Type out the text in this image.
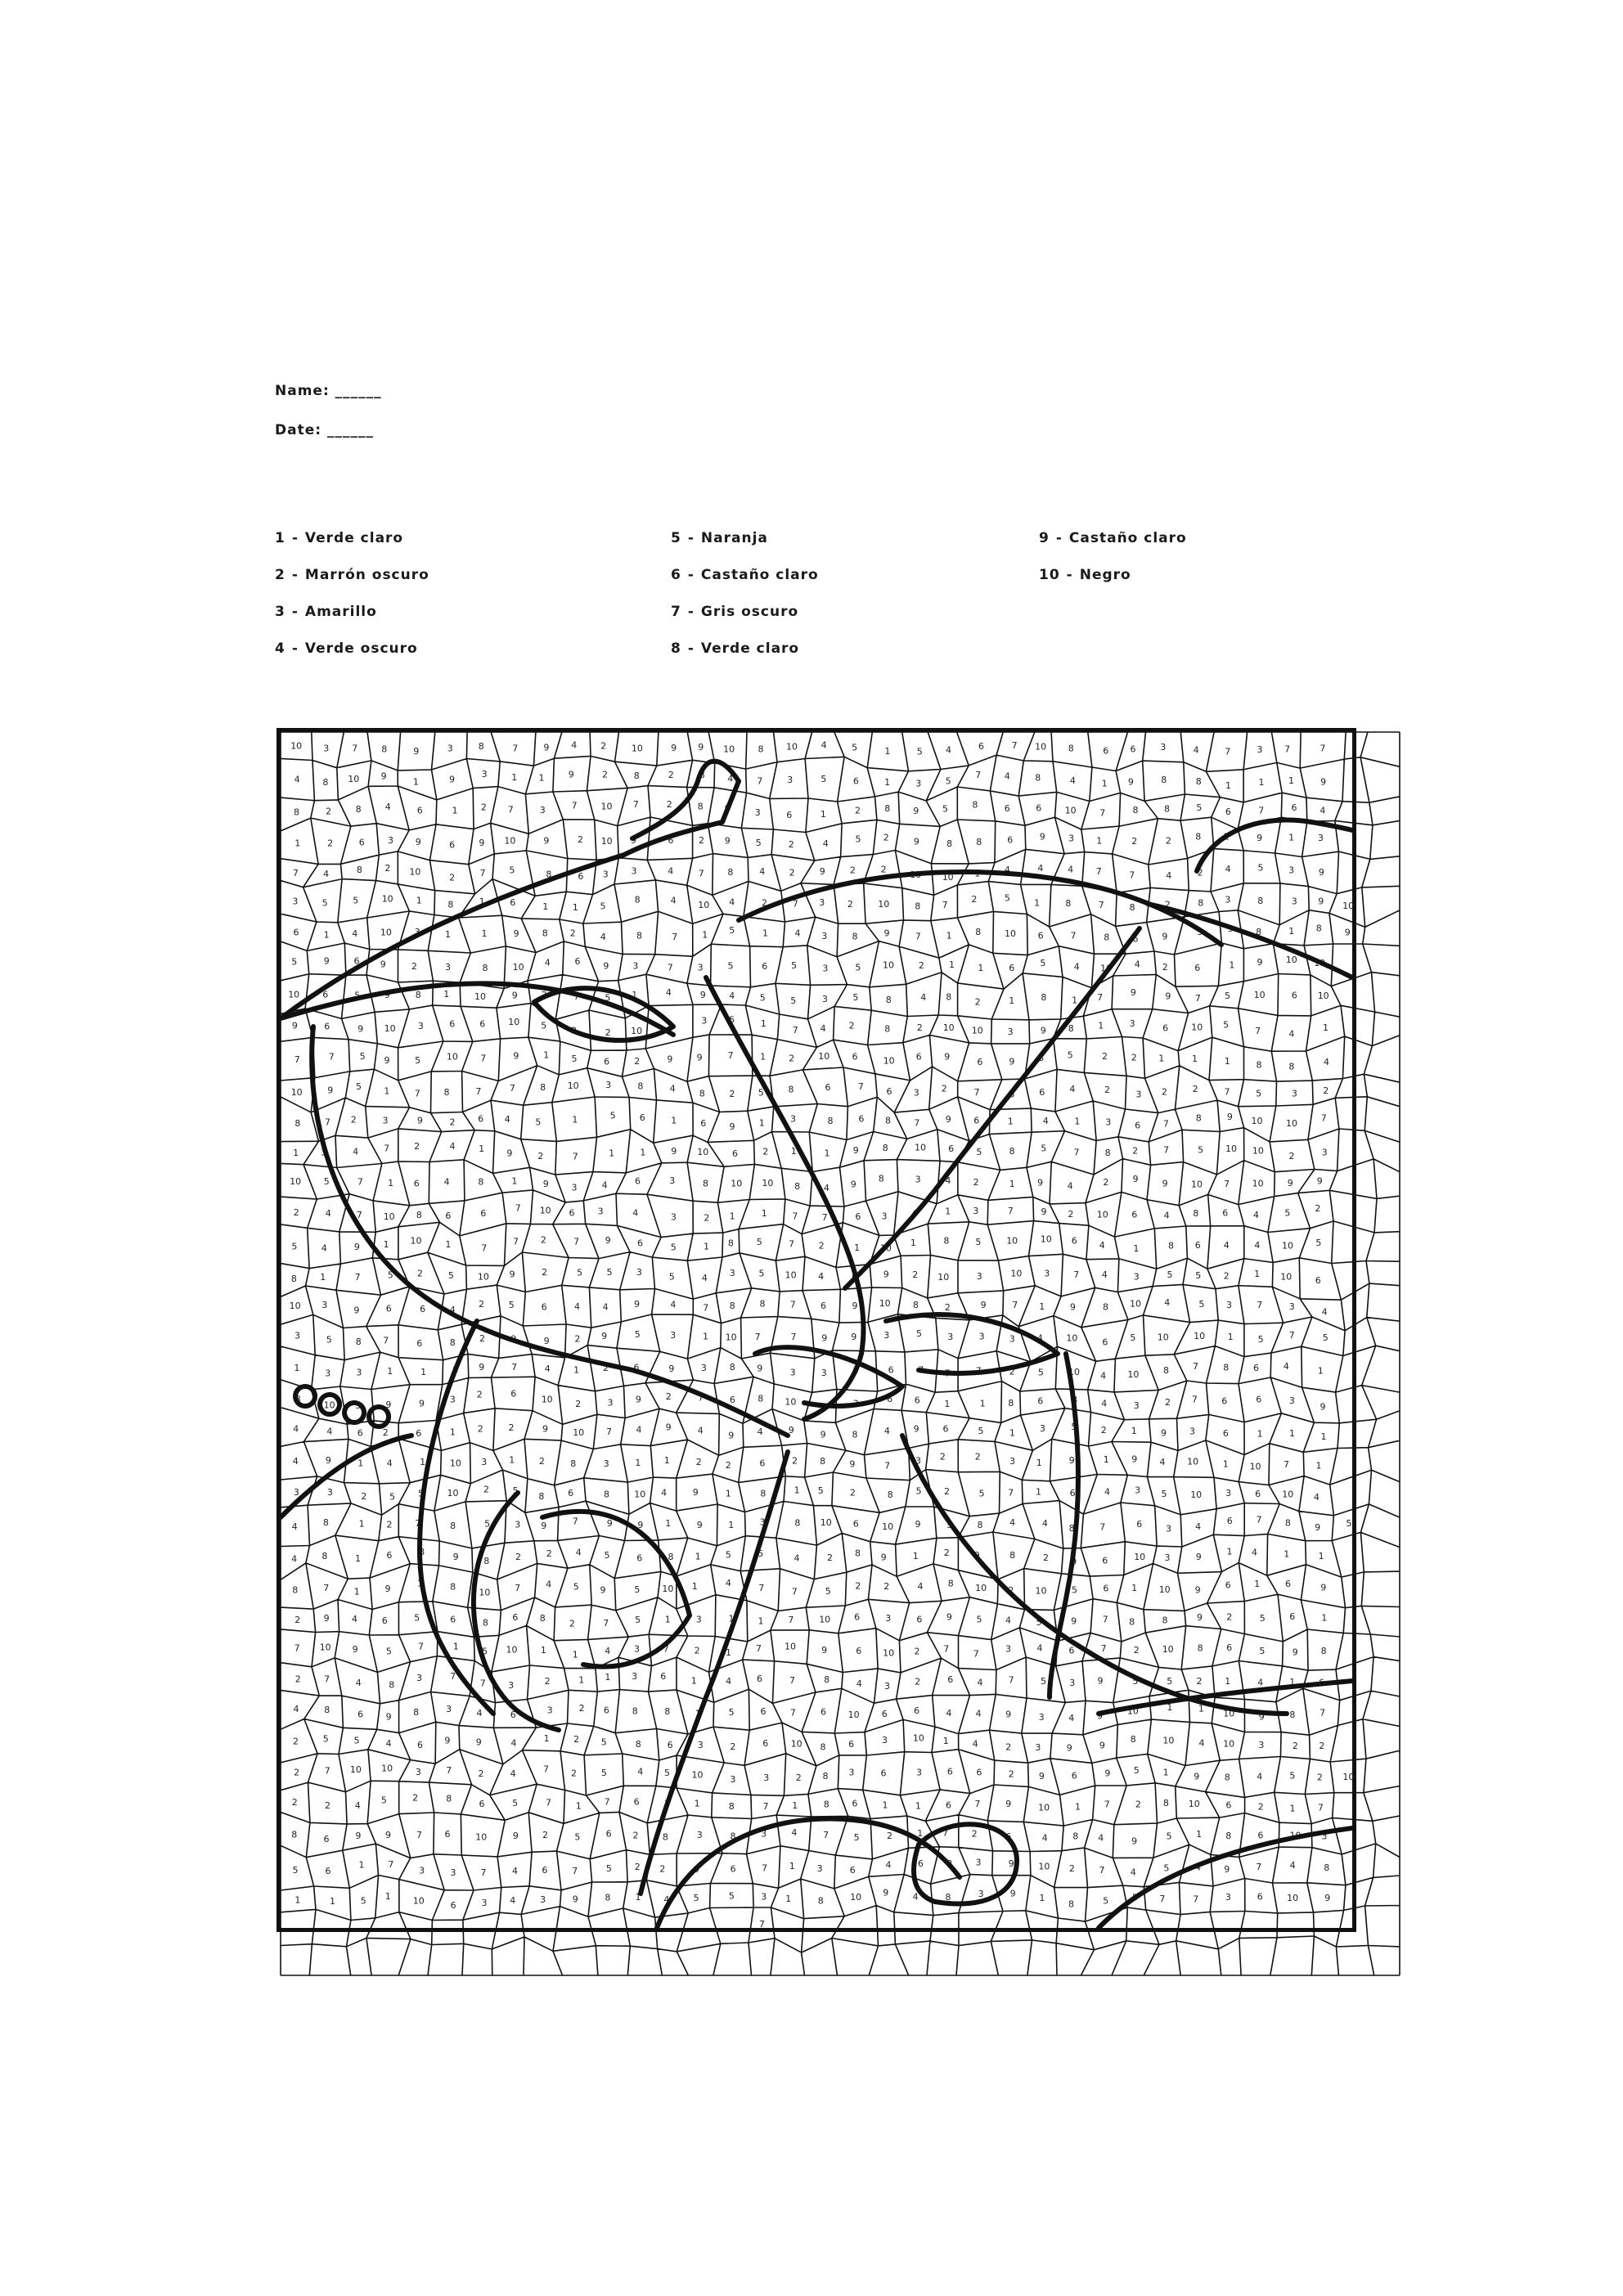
Name: ______
Date: ______
1 - Verde claro
2 - Marrón oscuro
3 - Amarillo
4 - Verde oscuro
5 - Naranja
6 - Castaño claro
7 - Gris oscuro
8 - Verde claro
9 - Castaño claro
10 - Negro
10 3	7	8	9	3	8	7	9 4	2	10	9 9 10	8	10	4	5	1	5	4	6	7 10 8	6 6	3	4	7	3 7	7
4	8 10 9
1	9
3	1 1	9	2	8	2	8	4	7	3	5	6	1	3	5
7	4	8	4	1 9	8	8	1	1	1	9
8	2	8	4	6	1	2 7	3	7	10 7	2	8 9	3	6	1	2	8	9	5	8	6	6	10	7	8	8	5	6	7	6	4
1	2	6	3 9	6	9 10	9	2 10 9	6	2 9	5	2	4	5 2	9	8	8	6	9	3 1	2	2	8	2	9	1	3
7	4	8	2 10
2	7	5	8	6 3	3	4	7	8	4	2	9	2	2	10 10 1	4	4	4	7	7	4	2 4	5	3	9
3	5	5	10	1	8	1	6	1	1 5
8	4 10 4	2	7 3	2	10	8 7
2	5	1	8	7	8	2	8 3	8	3 9 10
6	1	4	10	3	1	1	9	8 2	4	8	7	1 5	1	4 3	8	9	7	1	8	10 6	7	8	6	9	3	5 8	1 8	9
5	9	6 9	2	3	8	10 4	6	9	3	7	3	5	6	5	3	5 10	2	1	1	6	5	4 10	4 2	6	1 9	10 10
10	6	5	9	8	1	10	9	2	7	5 1	4	9	4	5	5	3	5	8	4 8	2	1	8	1 7	9	9	7	5	10	6 10
9	6	9 10 3	6	6	10 5	2	2 10
3	3 5	1
7 4	2	8	2 10 10	3	9 8	1	3	6	10 5
7	4
1
7	7	5 9	5	10 7	9	1 5	6	2	9	9	7	1	2	10 6	10 6	9
6	9	3	5	2	2 1	1	1	8	8	4
10	9	5 1	7	8	7	7	8 10	3	8	4	8	2	5	8	6	7	6 3 2	7	6	6	4	2	3 2	2	7	5	3	2
8	7 2	3	9	2	6 4	5	1	5	6	1	6	9	1	3	8	6 8	7	9	6	1	4	1	3	6	7
8	9 10	10	7
1 3	4	7	2	4	1 9	2	7	1	1	9 10	6	2	1	1	9	8	10 6 5	8	5	7	8 2	7	5 10 10	2	3
10	5	7	1 6	4	8	1	9	3	4	6	3	8 10 10 8	4 9
8	3	4 2	1 9	4	2	9	9	10 7	10	9	9
2	4	7 10 8	6	6
7 10 6	3	4	3	2 1	1	7	7	6 3	4	1 3	7	9 2	10	6	4	8	6	4	5	2
5	4	9	1 10	1	7
7 2	7	9	6	5	1 8	5	7	2	1 10 1	8	5	10	10 6 4	1	8 6	4	4 10 5
8	1	7	5	2	5	10 9	2	5	5	3	5	4 3	5 10 4	9	9	2 10	3	10 3	7 4	3	5	5 2	1 10	6
10 3	9	6	6	4
2	5	6	4	4	9	4	7 8	8	7	6	9 10 8	2	9	7 1	9	8 10	4	5 3	7	3	4
3	5	8 7	6	8	2	9	9	2 9	5	3	1 10 7	7	9	9	3	5	3	3	3 4	10	6 5 10	10	1	5	7	5
1	3	3	1	1	8 9	7	4	1	2	6	9	3	8 9	3	3	3	6	7 7	7	2	5	10 4 10	8	7	8	6	4	1
8
10 5	9	9	3 2	6
10	2	3 9	2	7	6 8 10	3	3	6 6	1	1	8	6	8	4	3	2 7	6	6	3
9
4	4	6 2	6	1 2	2	9	10 7	4	9	4	9	4	9	9	8	4	9	6	5	1	3	5	2	1	9	3	6	1	1	1
4	9	1	4	1	10 3 1	2	8	3	1	1	2	2	6	2 8	9	7	3 2	2	3 1	9	1 9 4 10	1 10	7	1
3	3	2	5	5	10	2	5
8	6	8	10 4	9	1	8	1 5	2	8	5 2	5	7 1	6	4	3 5	10	3	6 10 4
4	8	1 2	7	8	5	3 9	7	9	9 1	9	1	3	8 10 6	10 9	5	8	4	4 8	7	6	3	4
6	7	8	9	5
4	8	1	6	8	9	8	2	2	4	5	6	8 1	5	5	4	2 8 9	1	2	9	8	2 9	6	10 3	9	1 4	1	1
8	7	1	9	1	8
10	7	4 5 9	5 10 1	4	7	7	5
2	2	4	8 10 2 10	5	6	1 10	9	6	1	6	9
2	9 4	6	5	6	8	6 8	2	7	5	1	3	1	1	7	10	6	3	6	9	5	4	5	9	7 8	8	9	2	5	6	1
7 10 9	5	7	1	5 10	1	1	4	3	7	2	1	7	10	9	6 10 2	7	7	3	4	6	7	2	10	8	6	5	9	8
2	7	4	8
3	7
7 3	2	1 1 3	6	1	4	6	7	8	4 3	2	6	4	7	5	3 9	5	5	2	1	4	1	6
4	8	6	9 8	3	4	6	3	2 6	8	8	1	5	6	7	6 10 6	6	4	4	9	3	4	9	10	1	1 10	9	8	7
2	5	5	4	6 9	9	4	1	2 5	8	6	3	2	6 10 8	6	3	10 1	4	2	3	9	9
8	10	4 10	3	2 2
2	7 10 10	3	7	2	4	7 2	5	4 5 10	3	3	2 8 3	6	3	6	6	2	9	6	9	5	1	9	8	4	5 2 10
2	2	4 5	2	8	6	5	7	1	7	6	3	1	8	7	1	8	6	1	1	6	7	9	10	1	7	2 8 10	6	2	1 7
8	6	9	9	7	6	10	9	2	5	6 2	8	3	8	3	4	7	5	2	1 7	2	6	4	8 4	9	5	1	8	6	10 3
5	6
1	7
3	3	7	4	6	7	5	2 2	9	6	7 1 3	6	4	6	2	3	9	10 2	7	4	5	4	9	7	4	8
1	1	5 1 10	6	3	4	3	9	8	1	4	5	5	3 1	8	10 9	4	8	3	9	1
8	5	5 7	7	3	6	10	9
7
